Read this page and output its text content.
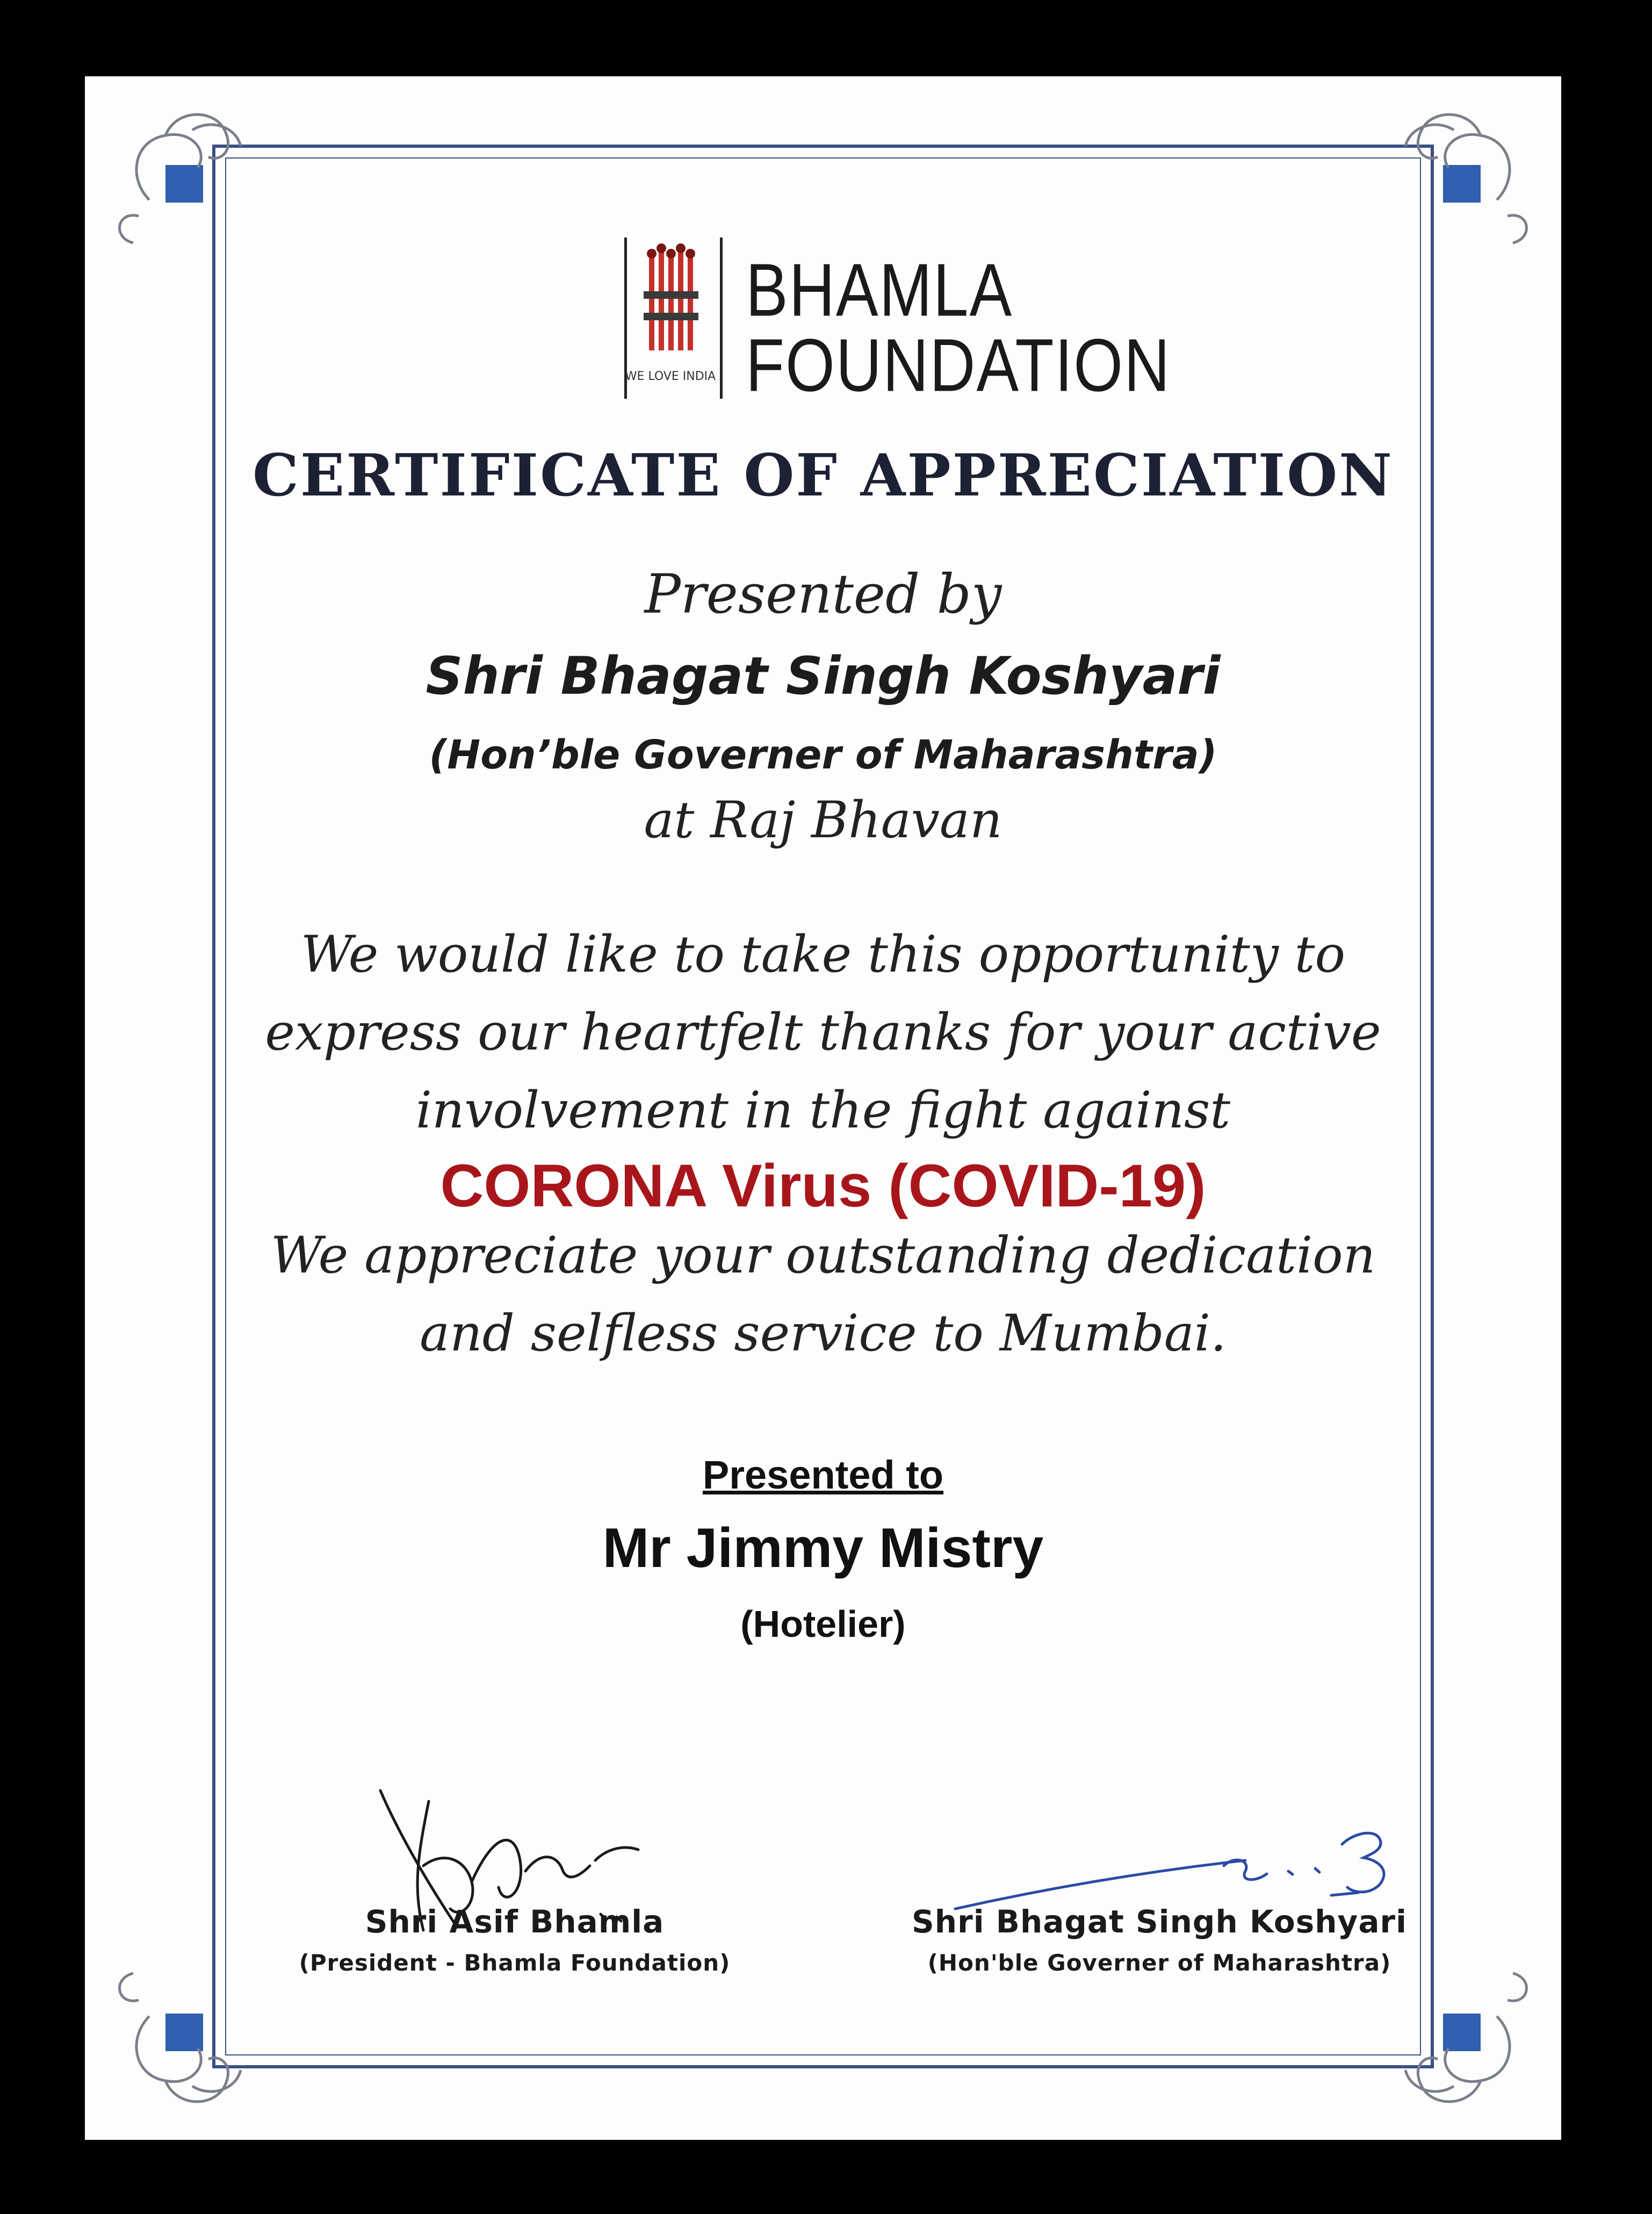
WE LOVE INDIA
BHAMLA
FOUNDATION
CERTIFICATE OF APPRECIATION
Presented by
Shri Bhagat Singh Koshyari
(Hon’ble Governer of Maharashtra)
at Raj Bhavan
We would like to take this opportunity to
express our heartfelt thanks for your active
involvement in the fight against
CORONA Virus (COVID-19)
We appreciate your outstanding dedication
and selfless service to Mumbai.
Presented to
Mr Jimmy Mistry
(Hotelier)
Shri Asif Bhamla
(President - Bhamla Foundation)
Shri Bhagat Singh Koshyari
(Hon'ble Governer of Maharashtra)
